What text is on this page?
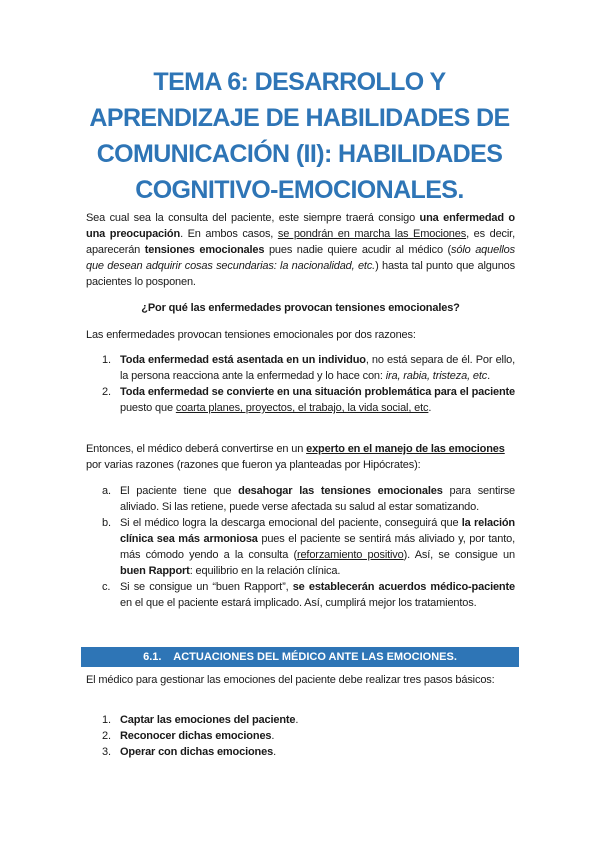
TEMA 6: DESARROLLO Y
APRENDIZAJE DE HABILIDADES DE
COMUNICACIÓN (II): HABILIDADES
COGNITIVO-EMOCIONALES.

Sea cual sea la consulta del paciente, este siempre traerá consigo una enfermedad o una preocupación. En ambos casos, se pondrán en marcha las Emociones, es decir, aparecerán tensiones emocionales pues nadie quiere acudir al médico (sólo aquellos que desean adquirir cosas secundarias: la nacionalidad, etc.) hasta tal punto que algunos pacientes lo posponen.

¿Por qué las enfermedades provocan tensiones emocionales?

Las enfermedades provocan tensiones emocionales por dos razones:

1. Toda enfermedad está asentada en un individuo, no está separa de él. Por ello, la persona reacciona ante la enfermedad y lo hace con: ira, rabia, tristeza, etc.
2. Toda enfermedad se convierte en una situación problemática para el paciente puesto que coarta planes, proyectos, el trabajo, la vida social, etc.

Entonces, el médico deberá convertirse en un experto en el manejo de las emociones por varias razones (razones que fueron ya planteadas por Hipócrates):

a. El paciente tiene que desahogar las tensiones emocionales para sentirse aliviado. Si las retiene, puede verse afectada su salud al estar somatizando.
b. Si el médico logra la descarga emocional del paciente, conseguirá que la relación clínica sea más armoniosa pues el paciente se sentirá más aliviado y, por tanto, más cómodo yendo a la consulta (reforzamiento positivo). Así, se consigue un buen Rapport: equilibrio en la relación clínica.
c. Si se consigue un “buen Rapport”, se establecerán acuerdos médico-paciente en el que el paciente estará implicado. Así, cumplirá mejor los tratamientos.
6.1. ACTUACIONES DEL MÉDICO ANTE LAS EMOCIONES.

El médico para gestionar las emociones del paciente debe realizar tres pasos básicos:

1. Captar las emociones del paciente.
2. Reconocer dichas emociones.
3. Operar con dichas emociones.
